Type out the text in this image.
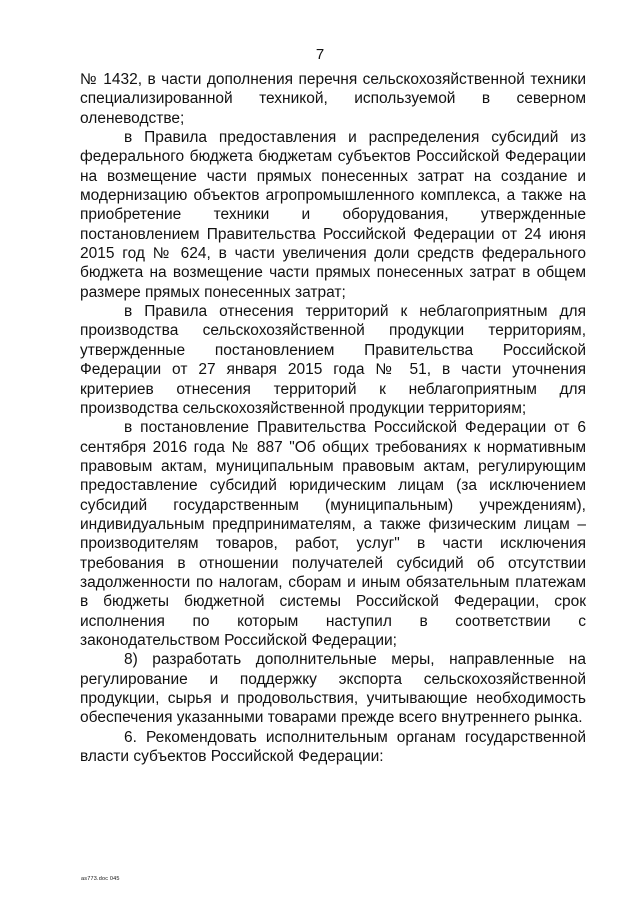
7

№ 1432, в части дополнения перечня сельскохозяйственной техники специализированной техникой, используемой в северном оленеводстве;

в Правила предоставления и распределения субсидий из федерального бюджета бюджетам субъектов Российской Федерации на возмещение части прямых понесенных затрат на создание и модернизацию объектов агропромышленного комплекса, а также на приобретение техники и оборудования, утвержденные постановлением Правительства Российской Федерации от 24 июня 2015 год № 624, в части увеличения доли средств федерального бюджета на возмещение части прямых понесенных затрат в общем размере прямых понесенных затрат;

в Правила отнесения территорий к неблагоприятным для производства сельскохозяйственной продукции территориям, утвержденные постановлением Правительства Российской Федерации от 27 января 2015 года № 51, в части уточнения критериев отнесения территорий к неблагоприятным для производства сельскохозяйственной продукции территориям;

в постановление Правительства Российской Федерации от 6 сентября 2016 года № 887 "Об общих требованиях к нормативным правовым актам, муниципальным правовым актам, регулирующим предоставление субсидий юридическим лицам (за исключением субсидий государственным (муниципальным) учреждениям), индивидуальным предпринимателям, а также физическим лицам – производителям товаров, работ, услуг" в части исключения требования в отношении получателей субсидий об отсутствии задолженности по налогам, сборам и иным обязательным платежам в бюджеты бюджетной системы Российской Федерации, срок исполнения по которым наступил в соответствии с законодательством Российской Федерации;

8) разработать дополнительные меры, направленные на регулирование и поддержку экспорта сельскохозяйственной продукции, сырья и продовольствия, учитывающие необходимость обеспечения указанными товарами прежде всего внутреннего рынка.

6. Рекомендовать исполнительным органам государственной власти субъектов Российской Федерации:

as773.doc 045
